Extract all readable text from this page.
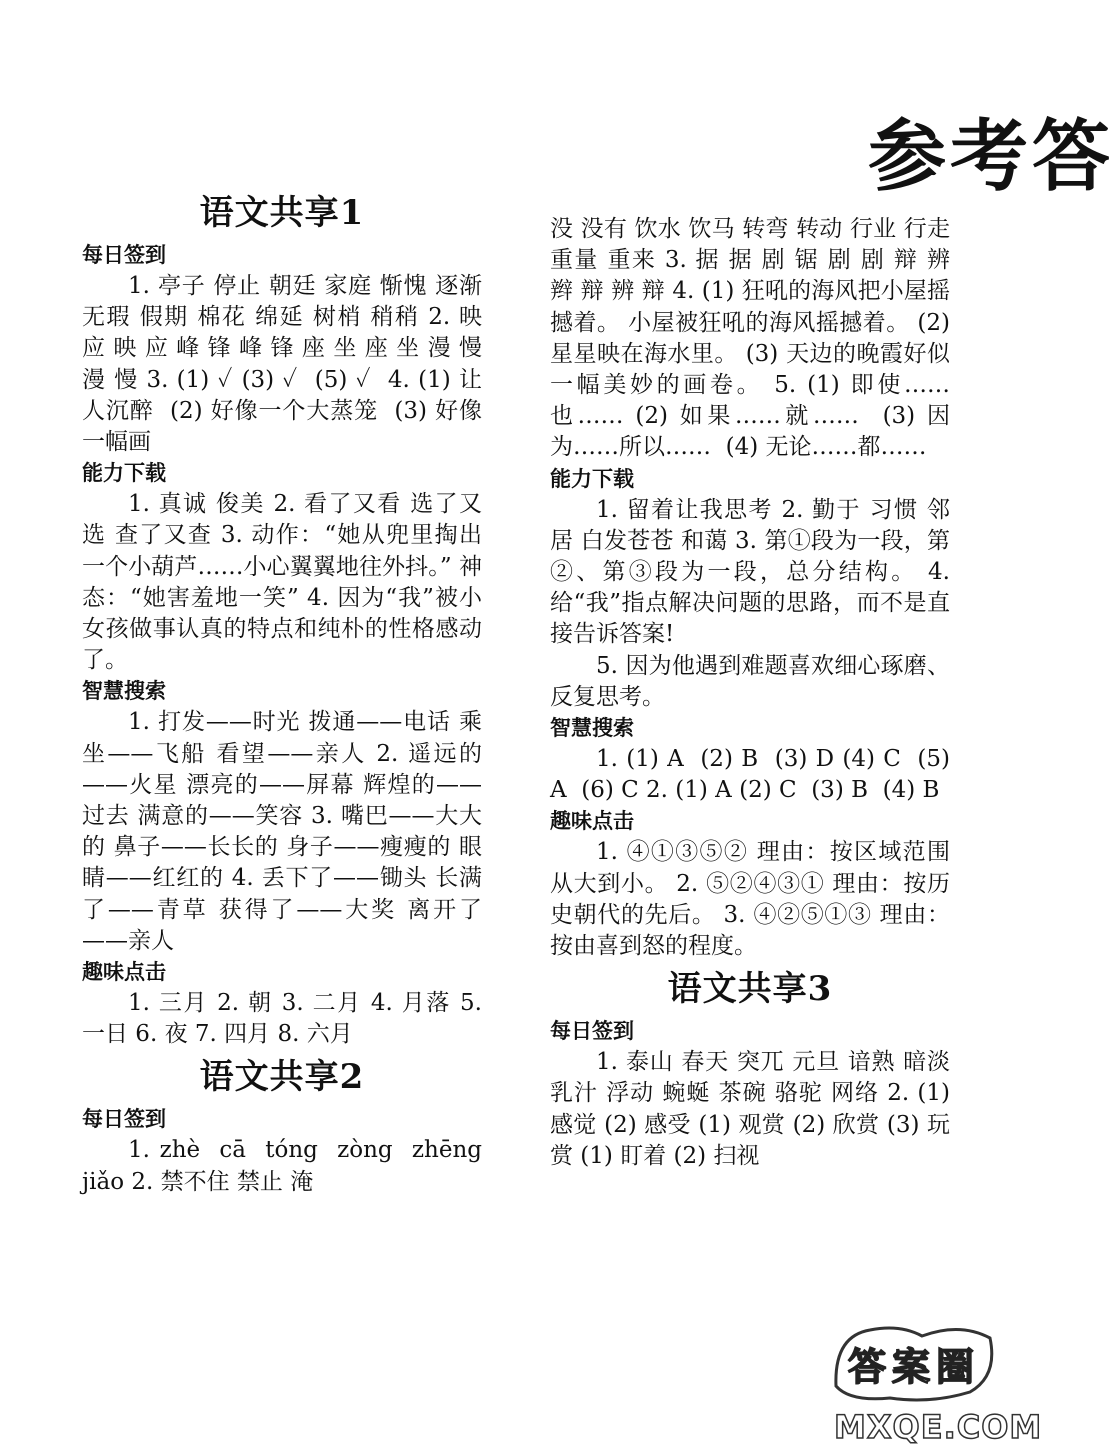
参考答
语文共享1
每日签到

1. 亭子 停止 朝廷 家庭 惭愧 逐渐 无瑕 假期 棉花 绵延 树梢 稍稍 2. 映 应 映 应 峰 锋 峰 锋 座 坐 座 坐 漫 慢 漫 慢 3. (1) ✓ (3) ✓  (5) ✓  4. (1) 让人沉醉  (2) 好像一个大蒸笼  (3) 好像一幅画

能力下载

1. 真诚 俊美 2. 看了又看 选了又选 查了又查 3. 动作：“她从兜里掏出一个小葫芦……小心翼翼地往外抖。” 神态：“她害羞地一笑” 4. 因为“我”被小女孩做事认真的特点和纯朴的性格感动了。

智慧搜索

1. 打发——时光 拨通——电话 乘坐——飞船 看望——亲人 2. 遥远的——火星 漂亮的——屏幕 辉煌的——过去 满意的——笑容 3. 嘴巴——大大的 鼻子——长长的 身子——瘦瘦的 眼睛——红红的 4. 丢下了——锄头 长满了——青草 获得了——大奖 离开了——亲人

趣味点击

1. 三月 2. 朝 3. 二月 4. 月落 5. 一日 6. 夜 7. 四月 8. 六月

语文共享2
每日签到

1. zhè  cā  tóng  zòng  zhēng  jiǎo 2. 禁不住 禁止 淹

没 没有 饮水 饮马 转弯 转动 行业 行走 重量 重来 3. 据 据 剧 锯 剧 剧 辩 辨 辫 辩 辨 辩 4. (1) 狂吼的海风把小屋摇撼着。 小屋被狂吼的海风摇撼着。 (2) 星星映在海水里。 (3) 天边的晚霞好似一幅美妙的画卷。 5. (1) 即使……也…… (2) 如果……就……  (3) 因为……所以……  (4) 无论……都……

能力下载

1. 留着让我思考 2. 勤于 习惯 邻居 白发苍苍 和蔼 3. 第①段为一段，第②、第③段为一段，总分结构。 4. 给“我”指点解决问题的思路，而不是直接告诉答案!

5. 因为他遇到难题喜欢细心琢磨、反复思考。

智慧搜索

1. (1) A  (2) B  (3) D (4) C  (5) A  (6) C 2. (1) A (2) C  (3) B  (4) B

趣味点击

1. ④①③⑤② 理由：按区域范围从大到小。 2. ⑤②④③① 理由：按历史朝代的先后。 3. ④②⑤①③ 理由：按由喜到怒的程度。

语文共享3
每日签到

1. 泰山 春天 突兀 元旦 谙熟 暗淡 乳汁 浮动 蜿蜒 茶碗 骆驼 网络 2. (1) 感觉 (2) 感受 (1) 观赏 (2) 欣赏 (3) 玩赏 (1) 盯着 (2) 扫视

答 案 圈
MXQE.COM
